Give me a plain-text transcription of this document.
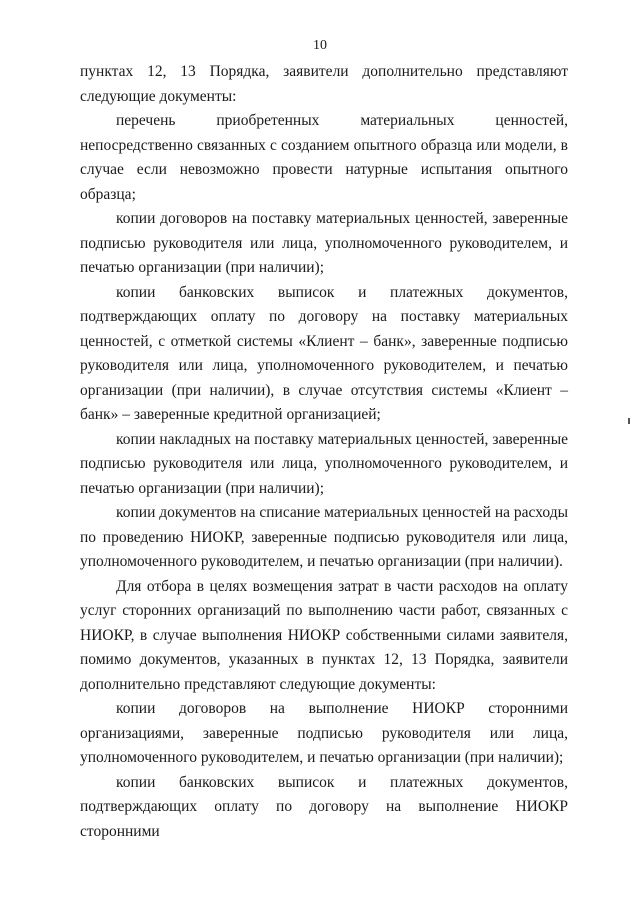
10

пунктах 12, 13 Порядка, заявители дополнительно представляют следующие документы:

перечень приобретенных материальных ценностей, непосредственно связанных с созданием опытного образца или модели, в случае если невозможно провести натурные испытания опытного образца;

копии договоров на поставку материальных ценностей, заверенные подписью руководителя или лица, уполномоченного руководителем, и печатью организации (при наличии);

копии банковских выписок и платежных документов, подтверждающих оплату по договору на поставку материальных ценностей, с отметкой системы «Клиент – банк», заверенные подписью руководителя или лица, уполномоченного руководителем, и печатью организации (при наличии), в случае отсутствия системы «Клиент – банк» – заверенные кредитной организацией;

копии накладных на поставку материальных ценностей, заверенные подписью руководителя или лица, уполномоченного руководителем, и печатью организации (при наличии);

копии документов на списание материальных ценностей на расходы по проведению НИОКР, заверенные подписью руководителя или лица, уполномоченного руководителем, и печатью организации (при наличии).

Для отбора в целях возмещения затрат в части расходов на оплату услуг сторонних организаций по выполнению части работ, связанных с НИОКР, в случае выполнения НИОКР собственными силами заявителя, помимо документов, указанных в пунктах 12, 13 Порядка, заявители дополнительно представляют следующие документы:

копии договоров на выполнение НИОКР сторонними организациями, заверенные подписью руководителя или лица, уполномоченного руководителем, и печатью организации (при наличии);

копии банковских выписок и платежных документов, подтверждающих оплату по договору на выполнение НИОКР сторонними
